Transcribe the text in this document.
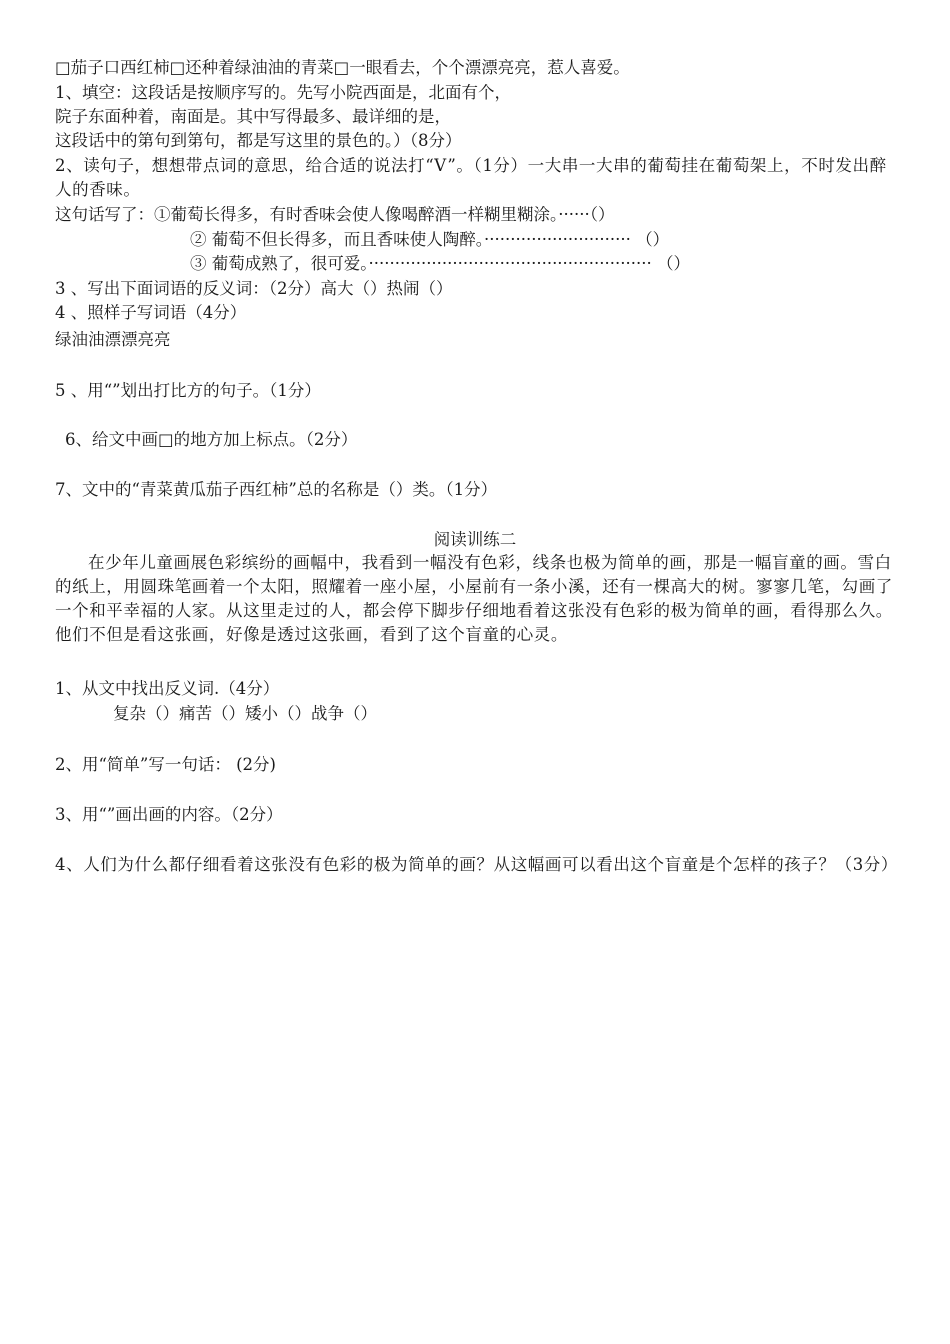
□茄子口西红柿□还种着绿油油的青菜□一眼看去，个个漂漂亮亮，惹人喜爱。
1、填空：这段话是按顺序写的。先写小院西面是，北面有个，
院子东面种着，南面是。其中写得最多、最详细的是，
这段话中的第句到第句，都是写这里的景色的。）（8分）
2、读句子，想想带点词的意思，给合适的说法打“V”。（1分）一大串一大串的葡萄挂在葡萄架上，不时发出醉人的香味。
这句话写了：①葡萄长得多，有时香味会使人像喝醉酒一样糊里糊涂。······（）
② 葡萄不但长得多，而且香味使人陶醉。···························· （）
③ 葡萄成熟了，很可爱。······················································ （）
3 、写出下面词语的反义词：（2分）高大（）热闹（）
4 、照样子写词语（4分）
绿油油漂漂亮亮
5 、用“”划出打比方的句子。（1分）
6、给文中画□的地方加上标点。（2分）
7、文中的“青菜黄瓜茄子西红柿”总的名称是（）类。（1分）
阅读训练二
在少年儿童画展色彩缤纷的画幅中，我看到一幅没有色彩，线条也极为简单的画，那是一幅盲童的画。雪白的纸上，用圆珠笔画着一个太阳，照耀着一座小屋，小屋前有一条小溪，还有一棵高大的树。寥寥几笔，勾画了一个和平幸福的人家。从这里走过的人，都会停下脚步仔细地看着这张没有色彩的极为简单的画，看得那么久。他们不但是看这张画，好像是透过这张画，看到了这个盲童的心灵。
1、从文中找出反义词.（4分）
复杂（）痛苦（）矮小（）战争（）
2、用“简单”写一句话： (2分)
3、用“”画出画的内容。（2分）
4、人们为什么都仔细看着这张没有色彩的极为简单的画？从这幅画可以看出这个盲童是个怎样的孩子？（3分）
